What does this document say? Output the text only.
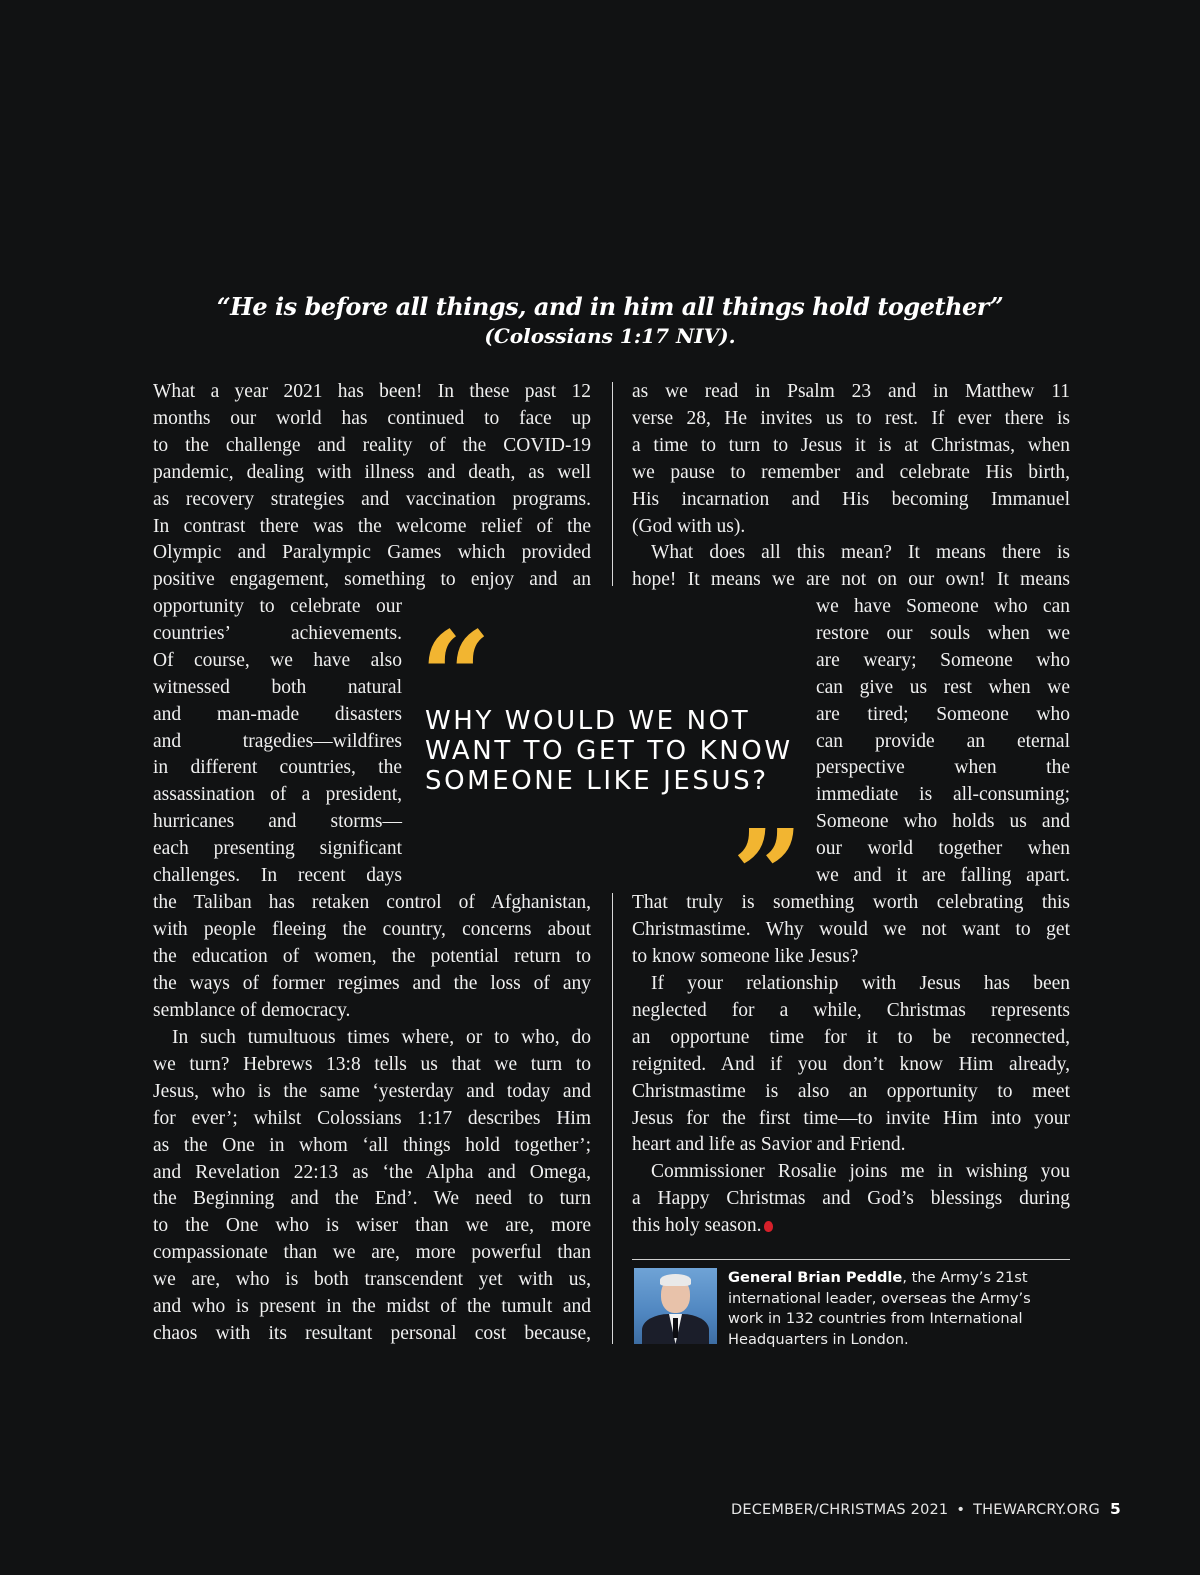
“He is before all things, and in him all things hold together”
(Colossians 1:17 NIV).
What a year 2021 has been! In these past 12
months our world has continued to face up
to the challenge and reality of the COVID-19
pandemic, dealing with illness and death, as well
as recovery strategies and vaccination programs.
In contrast there was the welcome relief of the
Olympic and Paralympic Games which provided
positive engagement, something to enjoy and an
opportunity to celebrate our
countries’ achievements.
Of course, we have also
witnessed both natural
and man-made disasters
and tragedies—wildfires
in different countries, the
assassination of a president,
hurricanes and storms—
each presenting significant
challenges. In recent days
the Taliban has retaken control of Afghanistan,
with people fleeing the country, concerns about
the education of women, the potential return to
the ways of former regimes and the loss of any
semblance of democracy.
In such tumultuous times where, or to who, do
we turn? Hebrews 13:8 tells us that we turn to
Jesus, who is the same ‘yesterday and today and
for ever’; whilst Colossians 1:17 describes Him
as the One in whom ‘all things hold together’;
and Revelation 22:13 as ‘the Alpha and Omega,
the Beginning and the End’. We need to turn
to the One who is wiser than we are, more
compassionate than we are, more powerful than
we are, who is both transcendent yet with us,
and who is present in the midst of the tumult and
chaos with its resultant personal cost because,
as we read in Psalm 23 and in Matthew 11
verse 28, He invites us to rest. If ever there is
a time to turn to Jesus it is at Christmas, when
we pause to remember and celebrate His birth,
His incarnation and His becoming Immanuel
(God with us).
What does all this mean? It means there is
hope! It means we are not on our own! It means
we have Someone who can
restore our souls when we
are weary; Someone who
can give us rest when we
are tired; Someone who
can provide an eternal
perspective when the
immediate is all-consuming;
Someone who holds us and
our world together when
we and it are falling apart.
That truly is something worth celebrating this
Christmastime. Why would we not want to get
to know someone like Jesus?
If your relationship with Jesus has been
neglected for a while, Christmas represents
an opportune time for it to be reconnected,
reignited. And if you don’t know Him already,
Christmastime is also an opportunity to meet
Jesus for the first time—to invite Him into your
heart and life as Savior and Friend.
Commissioner Rosalie joins me in wishing you
a Happy Christmas and God’s blessings during
this holy season.
“
WHY WOULD WE NOT
WANT TO GET TO KNOW
SOMEONE LIKE JESUS?
”
General Brian Peddle, the Army’s 21st
international leader, overseas the Army’s
work in 132 countries from International
Headquarters in London.
DECEMBER/CHRISTMAS 2021 • THEWARCRY.ORG 5
